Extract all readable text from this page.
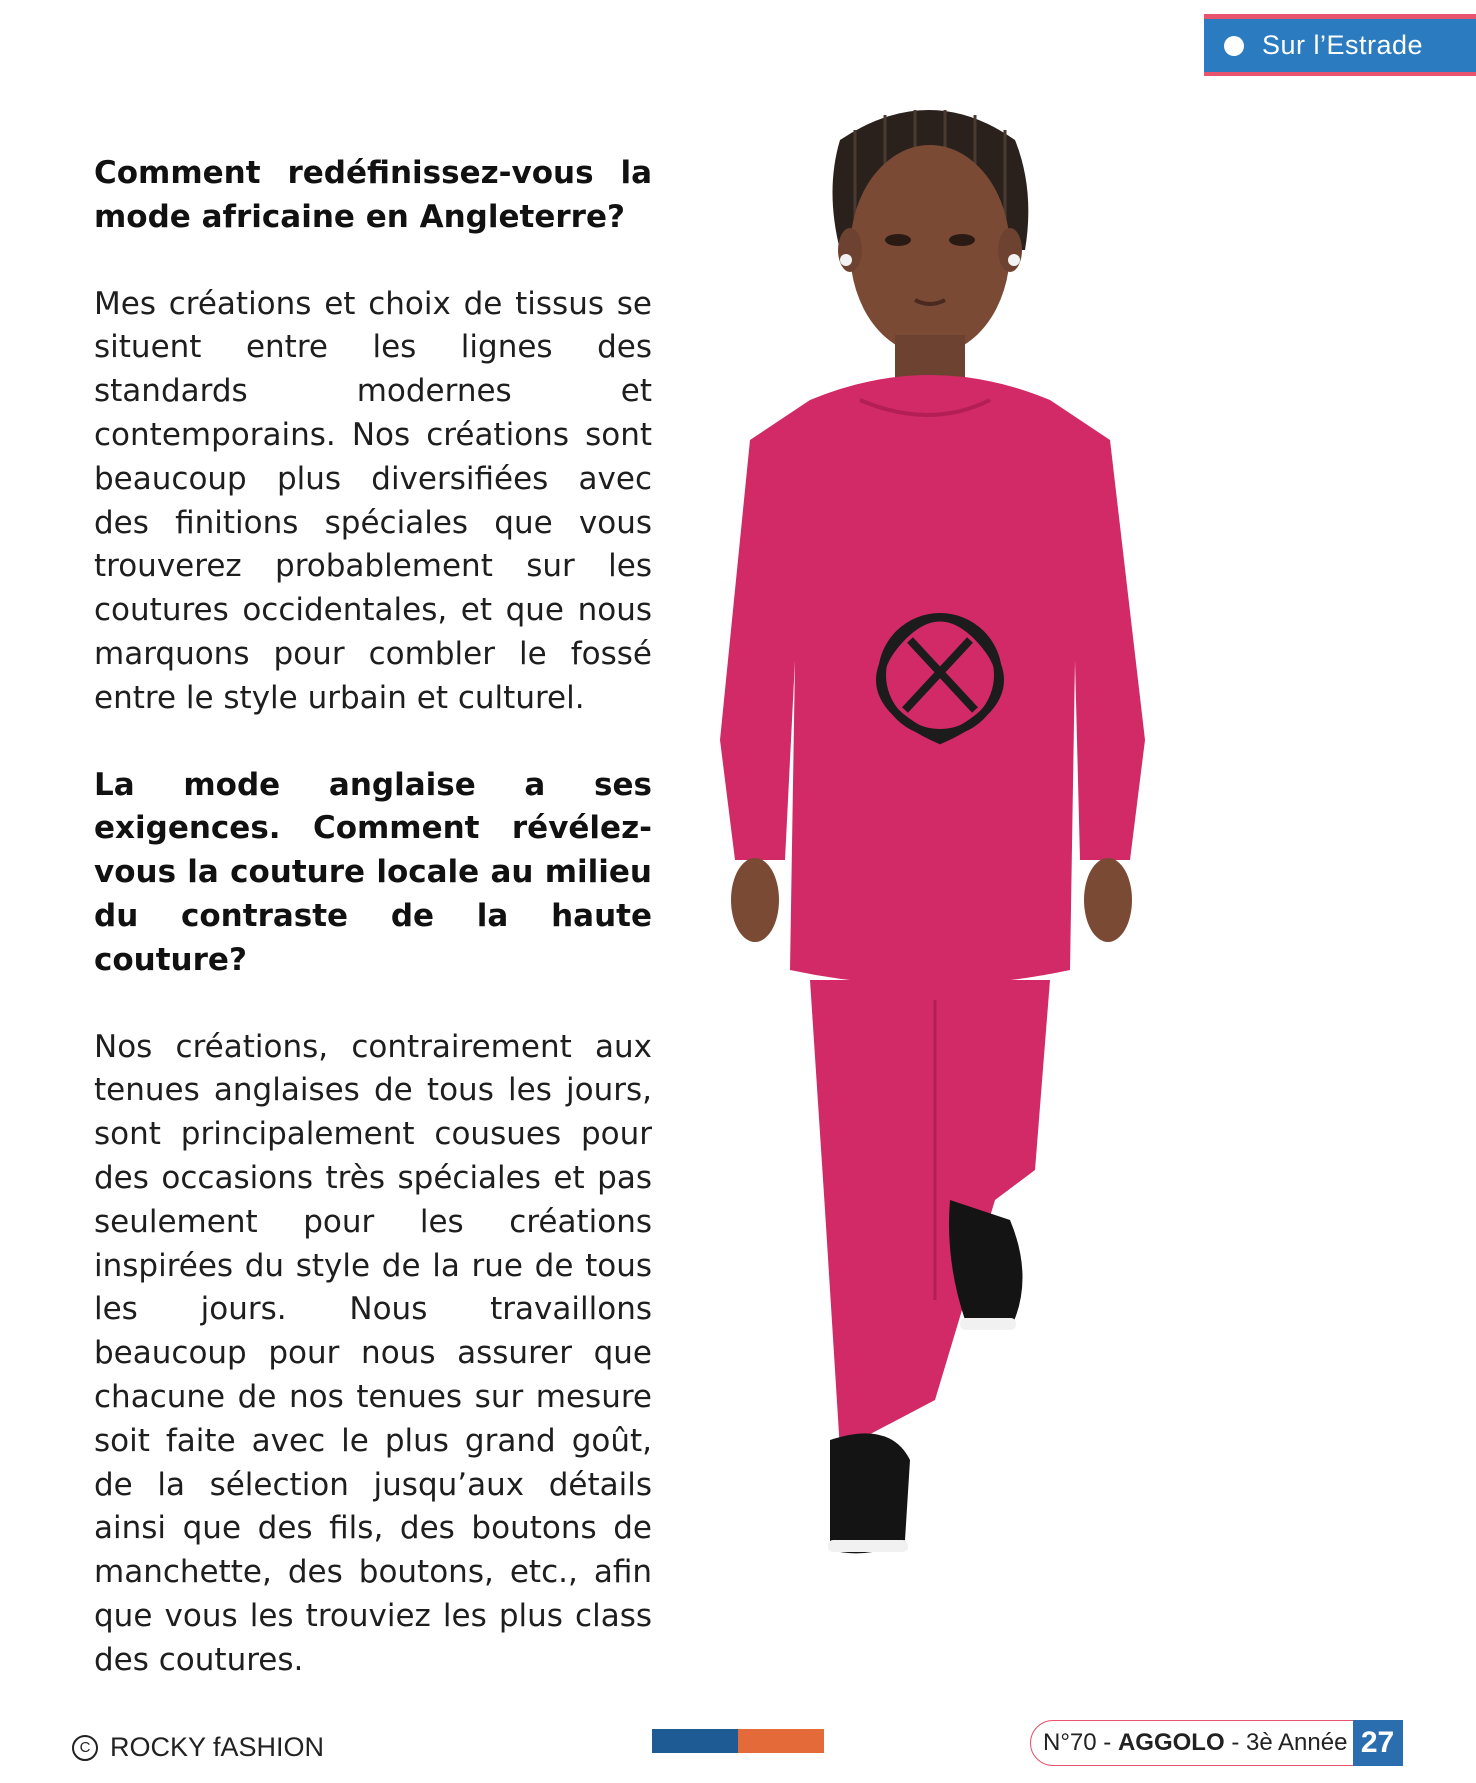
Sur l’Estrade

Comment redéfinissez-vous la mode africaine en Angleterre?

Mes créations et choix de tissus se situent entre les lignes des standards modernes et contemporains. Nos créations sont beaucoup plus diversifiées avec des finitions spéciales que vous trouverez probablement sur les coutures occidentales, et que nous marquons pour combler le fossé entre le style urbain et culturel.

La mode anglaise a ses exigences. Comment révélez-vous la couture locale au milieu du contraste de la haute couture?

Nos créations, contrairement aux tenues anglaises de tous les jours, sont principalement cousues pour des occasions très spéciales et pas seulement pour les créations inspirées du style de la rue de tous les jours. Nous travaillons beaucoup pour nous assurer que chacune de nos tenues sur mesure soit faite avec le plus grand goût, de la sélection jusqu’aux détails ainsi que des fils, des boutons de manchette, des boutons, etc., afin que vous les trouviez les plus class des coutures.

C ROCKY fASHION	N°70 - AGGOLO - 3è Année 27
